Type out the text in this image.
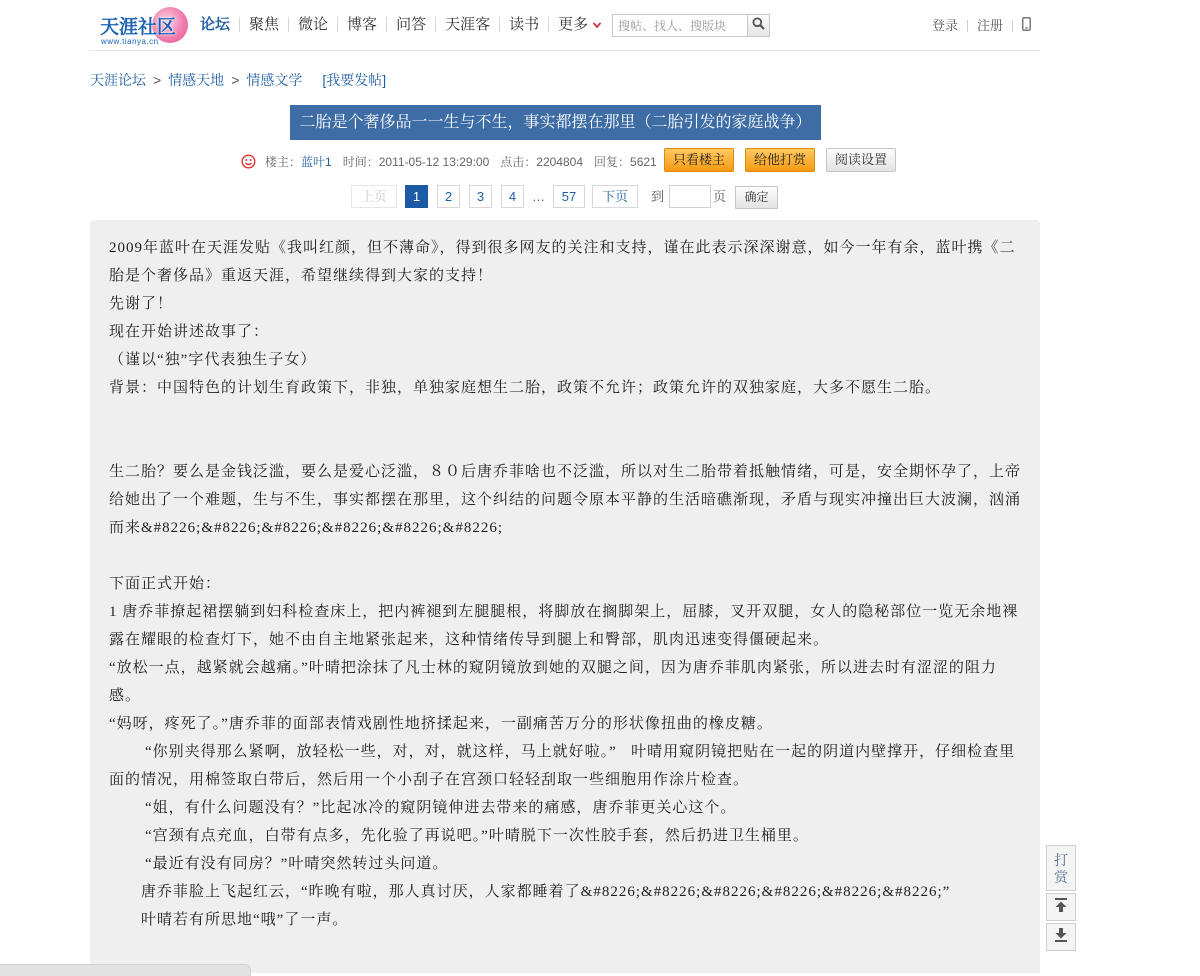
天涯社区
www.tianya.cn
论坛 聚焦 微论 博客 问答 天涯客 读书 更多
搜帖、找人、搜版块	登录 注册
天涯论坛 > 情感天地 > 情感文学 [我要发帖]
二胎是个奢侈品一一生与不生，事实都摆在那里（二胎引发的家庭战争）
楼主： 蓝叶1 时间： 2011-05-12 13:29:00 点击： 2204804 回复： 5621	只看楼主	给他打赏	阅读设置
上页	1	2	3	4	…	57	下页	到	页	确定

2009年蓝叶在天涯发贴《我叫红颜，但不薄命》，得到很多网友的关注和支持，谨在此表示深深谢意，如今一年有余，蓝叶携《二胎是个奢侈品》重返天涯，希望继续得到大家的支持！

先谢了！

现在开始讲述故事了：

（谨以“独”字代表独生子女）

背景：中国特色的计划生育政策下，非独，单独家庭想生二胎，政策不允许；政策允许的双独家庭，大多不愿生二胎。

生二胎？要么是金钱泛滥，要么是爱心泛滥，８０后唐乔菲啥也不泛滥，所以对生二胎带着抵触情绪，可是，安全期怀孕了，上帝给她出了一个难题，生与不生，事实都摆在那里，这个纠结的问题令原本平静的生活暗礁渐现，矛盾与现实冲撞出巨大波澜，汹涌而来&#8226;&#8226;&#8226;&#8226;&#8226;&#8226;

下面正式开始：

1 唐乔菲撩起裙摆躺到妇科检查床上，把内裤褪到左腿腿根，将脚放在搁脚架上，屈膝，叉开双腿，女人的隐秘部位一览无余地裸露在耀眼的检查灯下，她不由自主地紧张起来，这种情绪传导到腿上和臀部，肌肉迅速变得僵硬起来。

“放松一点，越紧就会越痛。”叶晴把涂抹了凡士林的窥阴镜放到她的双腿之间，因为唐乔菲肌肉紧张，所以进去时有涩涩的阻力感。

“妈呀，疼死了。”唐乔菲的面部表情戏剧性地挤揉起来，一副痛苦万分的形状像扭曲的橡皮糖。

“你别夹得那么紧啊，放轻松一些，对，对，就这样，马上就好啦。”   叶晴用窥阴镜把贴在一起的阴道内壁撑开，仔细检查里面的情况，用棉签取白带后，然后用一个小刮子在宫颈口轻轻刮取一些细胞用作涂片检查。

“姐，有什么问题没有？”比起冰冷的窥阴镜伸进去带来的痛感，唐乔菲更关心这个。

“宫颈有点充血，白带有点多，先化验了再说吧。”叶晴脱下一次性胶手套，然后扔进卫生桶里。

“最近有没有同房？”叶晴突然转过头问道。

唐乔菲脸上飞起红云，“昨晚有啦，那人真讨厌，人家都睡着了&#8226;&#8226;&#8226;&#8226;&#8226;&#8226;”

叶晴若有所思地“哦”了一声。

打赏
